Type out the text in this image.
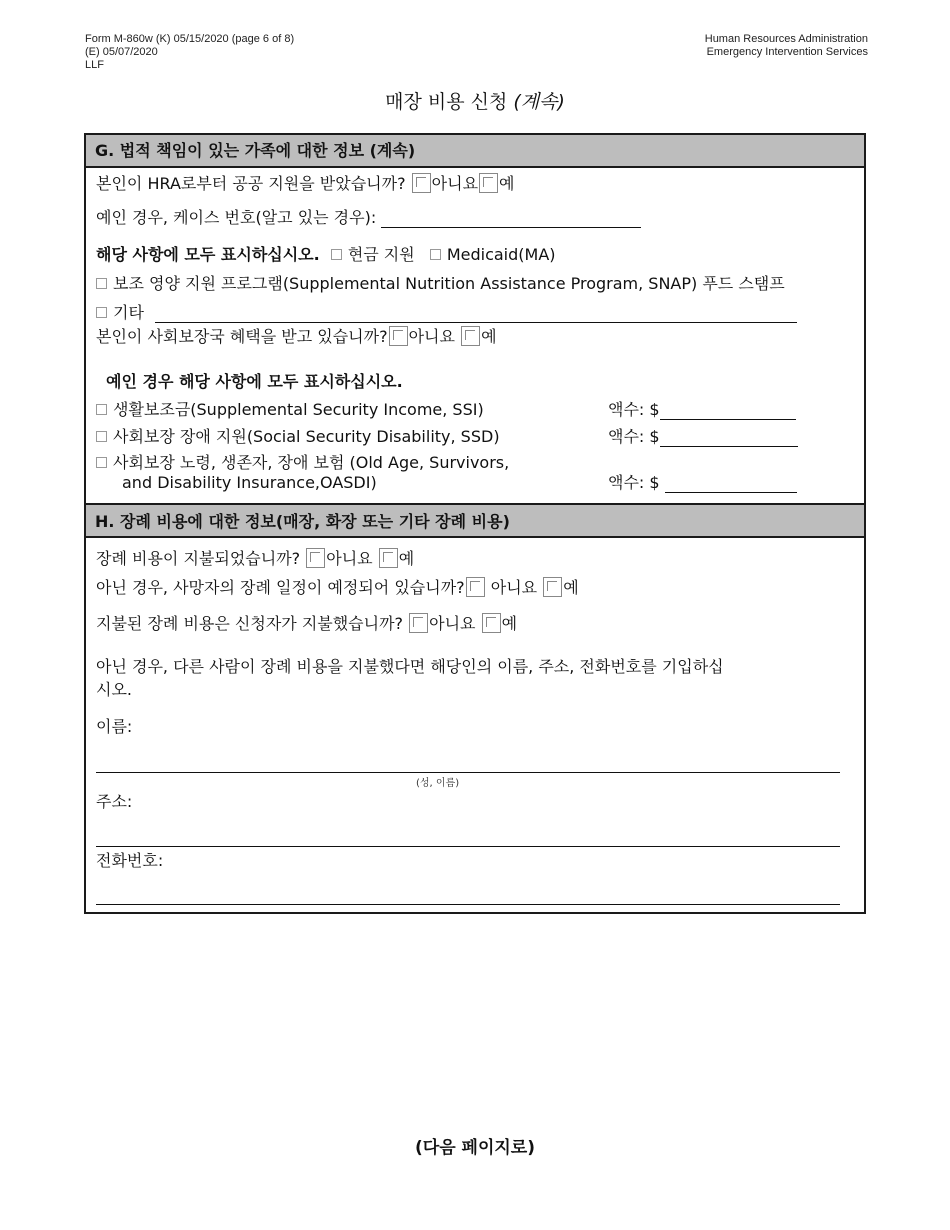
Form M-860w (K) 05/15/2020 (page 6 of 8)
(E) 05/07/2020
LLF
Human Resources Administration
Emergency Intervention Services
매장 비용 신청 (계속)
G. 법적 책임이 있는 가족에 대한 정보 (계속)
본인이 HRA로부터 공공 지원을 받았습니까? 아니요 예
예인 경우, 케이스 번호(알고 있는 경우):
해당 사항에 모두 표시하십시오. 현금 지원 Medicaid(MA)
보조 영양 지원 프로그램(Supplemental Nutrition Assistance Program, SNAP) 푸드 스탬프
기타
본인이 사회보장국 혜택을 받고 있습니까? 아니요 예
예인 경우 해당 사항에 모두 표시하십시오.
생활보조금(Supplemental Security Income, SSI)	액수: $
사회보장 장애 지원(Social Security Disability, SSD)	액수: $
사회보장 노령, 생존자, 장애 보험 (Old Age, Survivors,
and Disability Insurance,OASDI)	액수: $
H. 장례 비용에 대한 정보(매장, 화장 또는 기타 장례 비용)
장례 비용이 지불되었습니까? 아니요 예
아닌 경우, 사망자의 장례 일정이 예정되어 있습니까? 아니요 예
지불된 장례 비용은 신청자가 지불했습니까? 아니요 예
아닌 경우, 다른 사람이 장례 비용을 지불했다면 해당인의 이름, 주소, 전화번호를 기입하십
시오.
이름:
(성, 이름)
주소:
전화번호:
(다음 페이지로)
